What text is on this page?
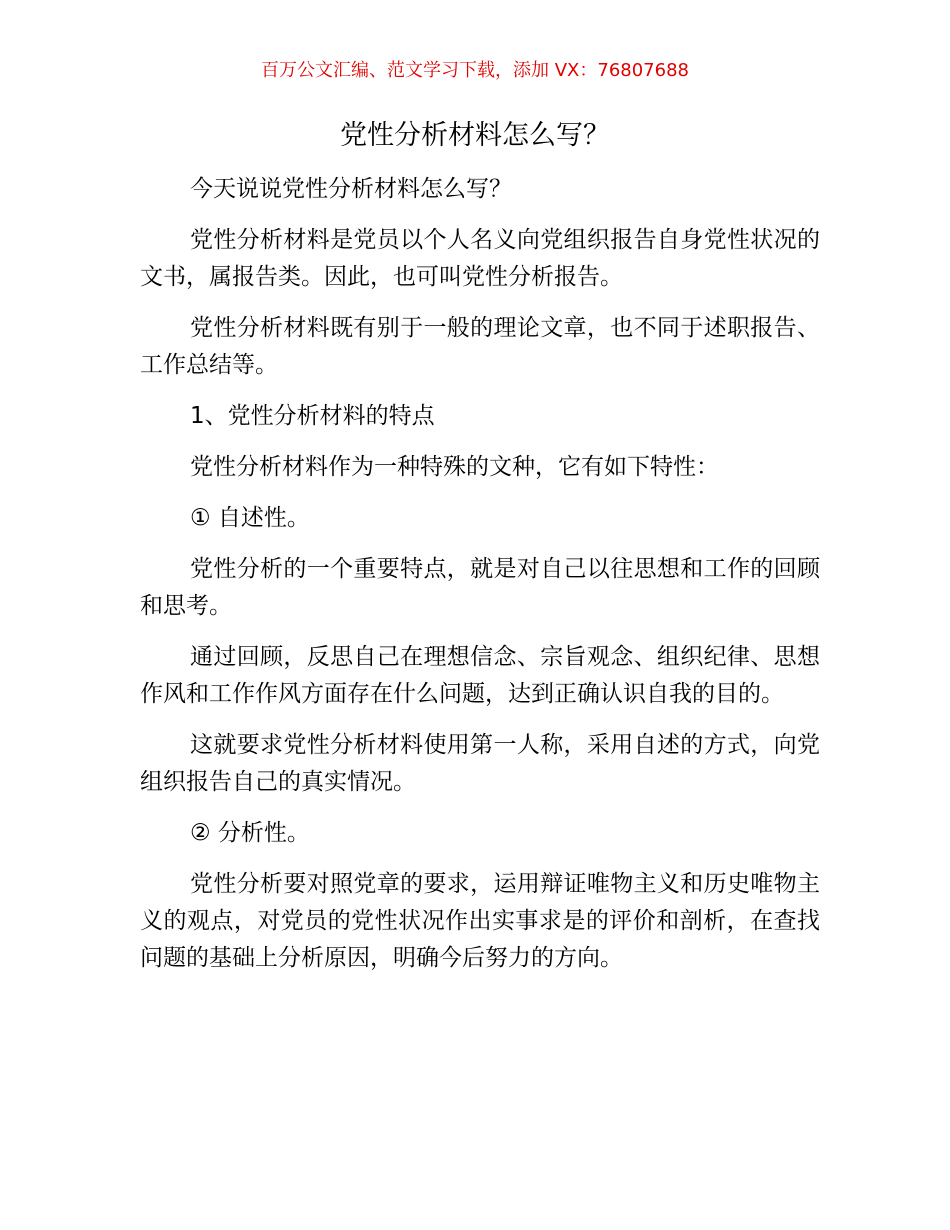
百万公文汇编、范文学习下载，添加 VX：76807688
党性分析材料怎么写？

今天说说党性分析材料怎么写？

党性分析材料是党员以个人名义向党组织报告自身党性状况的文书，属报告类。因此，也可叫党性分析报告。

党性分析材料既有别于一般的理论文章，也不同于述职报告、工作总结等。

1、党性分析材料的特点

党性分析材料作为一种特殊的文种，它有如下特性：

① 自述性。

党性分析的一个重要特点，就是对自己以往思想和工作的回顾和思考。

通过回顾，反思自己在理想信念、宗旨观念、组织纪律、思想作风和工作作风方面存在什么问题，达到正确认识自我的目的。

这就要求党性分析材料使用第一人称，采用自述的方式，向党组织报告自己的真实情况。

② 分析性。

党性分析要对照党章的要求，运用辩证唯物主义和历史唯物主义的观点，对党员的党性状况作出实事求是的评价和剖析，在查找问题的基础上分析原因，明确今后努力的方向。
